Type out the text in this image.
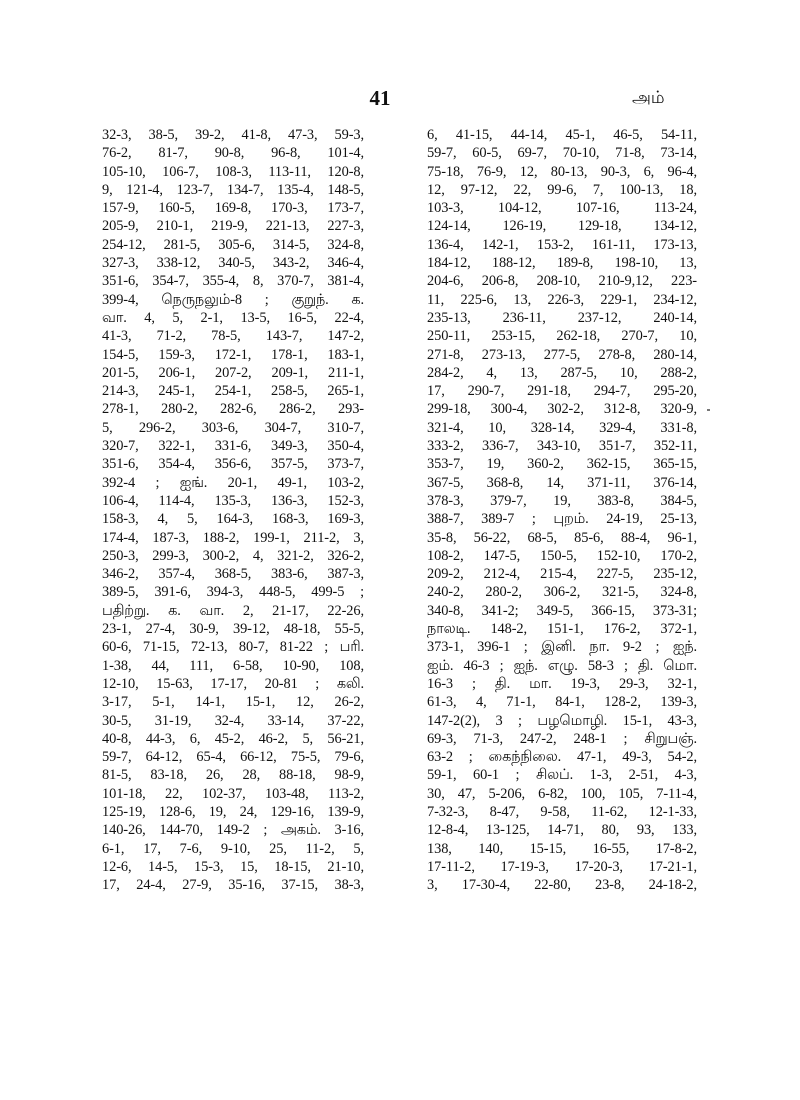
41	அம்
32-3, 38-5, 39-2, 41-8, 47-3, 59-3,
76-2, 81-7, 90-8, 96-8, 101-4,
105-10, 106-7, 108-3, 113-11, 120-8,
9, 121-4, 123-7, 134-7, 135-4, 148-5,
157-9, 160-5, 169-8, 170-3, 173-7,
205-9, 210-1, 219-9, 221-13, 227-3,
254-12, 281-5, 305-6, 314-5, 324-8,
327-3, 338-12, 340-5, 343-2, 346-4,
351-6, 354-7, 355-4, 8, 370-7, 381-4,
399-4, நெருநலும்-8 ; குறுந். க.
வா. 4, 5, 2-1, 13-5, 16-5, 22-4,
41-3, 71-2, 78-5, 143-7, 147-2,
154-5, 159-3, 172-1, 178-1, 183-1,
201-5, 206-1, 207-2, 209-1, 211-1,
214-3, 245-1, 254-1, 258-5, 265-1,
278-1, 280-2, 282-6, 286-2, 293-
5, 296-2, 303-6, 304-7, 310-7,
320-7, 322-1, 331-6, 349-3, 350-4,
351-6, 354-4, 356-6, 357-5, 373-7,
392-4 ; ஐங். 20-1, 49-1, 103-2,
106-4, 114-4, 135-3, 136-3, 152-3,
158-3, 4, 5, 164-3, 168-3, 169-3,
174-4, 187-3, 188-2, 199-1, 211-2, 3,
250-3, 299-3, 300-2, 4, 321-2, 326-2,
346-2, 357-4, 368-5, 383-6, 387-3,
389-5, 391-6, 394-3, 448-5, 499-5 ;
பதிற்று. க. வா. 2, 21-17, 22-26,
23-1, 27-4, 30-9, 39-12, 48-18, 55-5,
60-6, 71-15, 72-13, 80-7, 81-22 ; பரி.
1-38, 44, 111, 6-58, 10-90, 108,
12-10, 15-63, 17-17, 20-81 ; கலி.
3-17, 5-1, 14-1, 15-1, 12, 26-2,
30-5, 31-19, 32-4, 33-14, 37-22,
40-8, 44-3, 6, 45-2, 46-2, 5, 56-21,
59-7, 64-12, 65-4, 66-12, 75-5, 79-6,
81-5, 83-18, 26, 28, 88-18, 98-9,
101-18, 22, 102-37, 103-48, 113-2,
125-19, 128-6, 19, 24, 129-16, 139-9,
140-26, 144-70, 149-2 ; அகம். 3-16,
6-1, 17, 7-6, 9-10, 25, 11-2, 5,
12-6, 14-5, 15-3, 15, 18-15, 21-10,
17, 24-4, 27-9, 35-16, 37-15, 38-3,
6, 41-15, 44-14, 45-1, 46-5, 54-11,
59-7, 60-5, 69-7, 70-10, 71-8, 73-14,
75-18, 76-9, 12, 80-13, 90-3, 6, 96-4,
12, 97-12, 22, 99-6, 7, 100-13, 18,
103-3, 104-12, 107-16, 113-24,
124-14, 126-19, 129-18, 134-12,
136-4, 142-1, 153-2, 161-11, 173-13,
184-12, 188-12, 189-8, 198-10, 13,
204-6, 206-8, 208-10, 210-9,12, 223-
11, 225-6, 13, 226-3, 229-1, 234-12,
235-13, 236-11, 237-12, 240-14,
250-11, 253-15, 262-18, 270-7, 10,
271-8, 273-13, 277-5, 278-8, 280-14,
284-2, 4, 13, 287-5, 10, 288-2,
17, 290-7, 291-18, 294-7, 295-20,
299-18, 300-4, 302-2, 312-8, 320-9,
321-4, 10, 328-14, 329-4, 331-8,
333-2, 336-7, 343-10, 351-7, 352-11,
353-7, 19, 360-2, 362-15, 365-15,
367-5, 368-8, 14, 371-11, 376-14,
378-3, 379-7, 19, 383-8, 384-5,
388-7, 389-7 ; புறம். 24-19, 25-13,
35-8, 56-22, 68-5, 85-6, 88-4, 96-1,
108-2, 147-5, 150-5, 152-10, 170-2,
209-2, 212-4, 215-4, 227-5, 235-12,
240-2, 280-2, 306-2, 321-5, 324-8,
340-8, 341-2; 349-5, 366-15, 373-31;
நாலடி. 148-2, 151-1, 176-2, 372-1,
373-1, 396-1 ; இனி. நா. 9-2 ; ஐந்.
ஐம். 46-3 ; ஐந். எழு. 58-3 ; தி. மொ.
16-3 ; தி. மா. 19-3, 29-3, 32-1,
61-3, 4, 71-1, 84-1, 128-2, 139-3,
147-2(2), 3 ; பழமொழி. 15-1, 43-3,
69-3, 71-3, 247-2, 248-1 ; சிறுபஞ்.
63-2 ; கைந்நிலை. 47-1, 49-3, 54-2,
59-1, 60-1 ; சிலப். 1-3, 2-51, 4-3,
30, 47, 5-206, 6-82, 100, 105, 7-11-4,
7-32-3, 8-47, 9-58, 11-62, 12-1-33,
12-8-4, 13-125, 14-71, 80, 93, 133,
138, 140, 15-15, 16-55, 17-8-2,
17-11-2, 17-19-3, 17-20-3, 17-21-1,
3, 17-30-4, 22-80, 23-8, 24-18-2,
